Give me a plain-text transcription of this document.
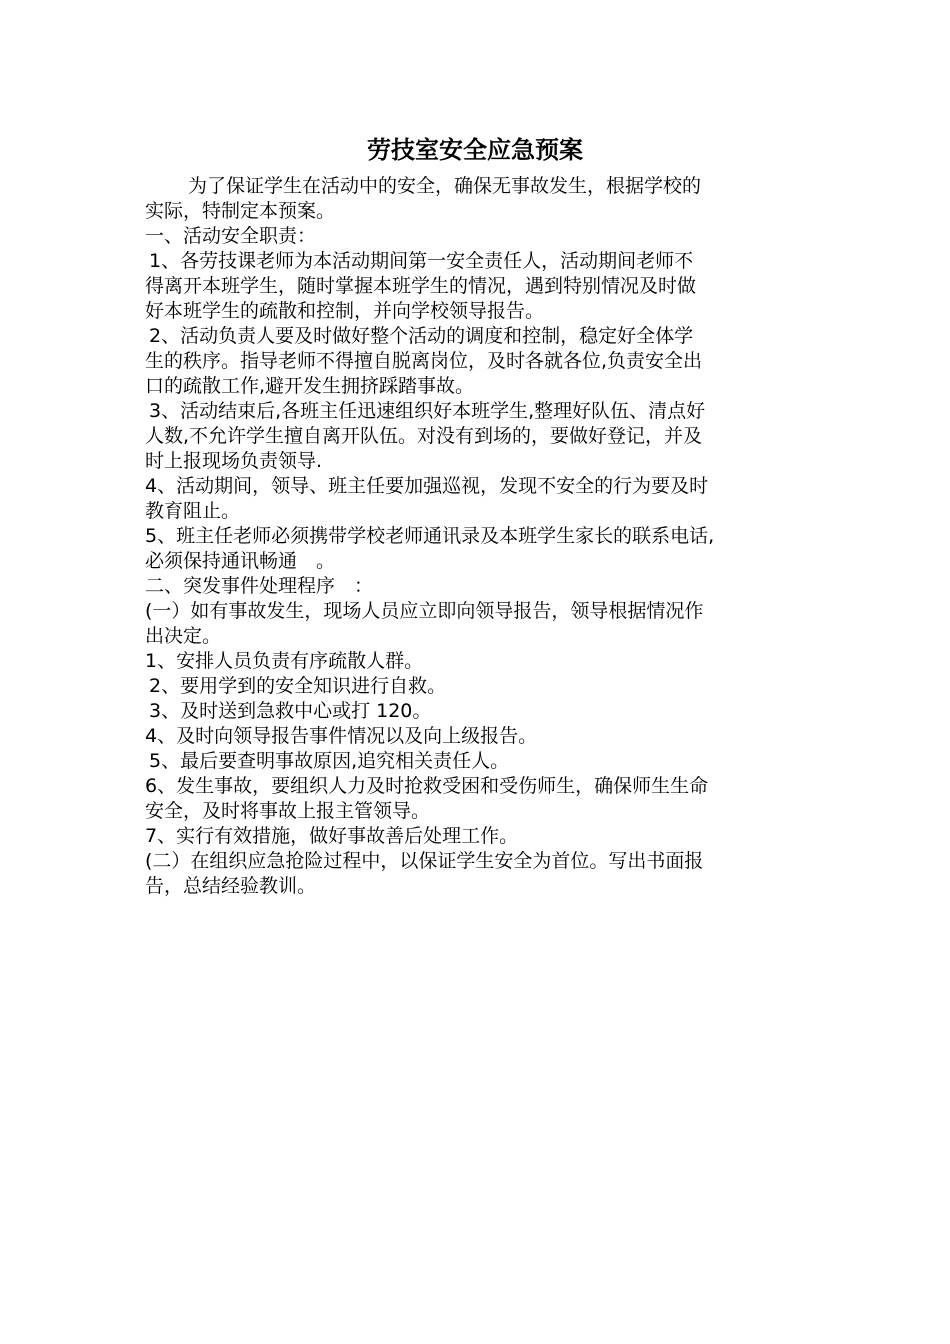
劳技室安全应急预案
为了保证学生在活动中的安全，确保无事故发生，根据学校的
实际，特制定本预案。
一、活动安全职责：
1、各劳技课老师为本活动期间第一安全责任人，活动期间老师不
得离开本班学生，随时掌握本班学生的情况，遇到特别情况及时做
好本班学生的疏散和控制，并向学校领导报告。
2、活动负责人要及时做好整个活动的调度和控制，稳定好全体学
生的秩序。指导老师不得擅自脱离岗位，及时各就各位,负责安全出
口的疏散工作,避开发生拥挤踩踏事故。
3、活动结束后,各班主任迅速组织好本班学生,整理好队伍、清点好
人数,不允许学生擅自离开队伍。对没有到场的，要做好登记，并及
时上报现场负责领导.
4、活动期间，领导、班主任要加强巡视，发现不安全的行为要及时
教育阻止。
5、班主任老师必须携带学校老师通讯录及本班学生家长的联系电话,
必须保持通讯畅通　。
二、突发事件处理程序　：
(一）如有事故发生，现场人员应立即向领导报告，领导根据情况作
出决定。
1、安排人员负责有序疏散人群。
2、要用学到的安全知识进行自救。
3、及时送到急救中心或打 120。
4、及时向领导报告事件情况以及向上级报告。
5、最后要查明事故原因,追究相关责任人。
6、发生事故，要组织人力及时抢救受困和受伤师生，确保师生生命
安全，及时将事故上报主管领导。
7、实行有效措施，做好事故善后处理工作。
(二）在组织应急抢险过程中，以保证学生安全为首位。写出书面报
告，总结经验教训。
